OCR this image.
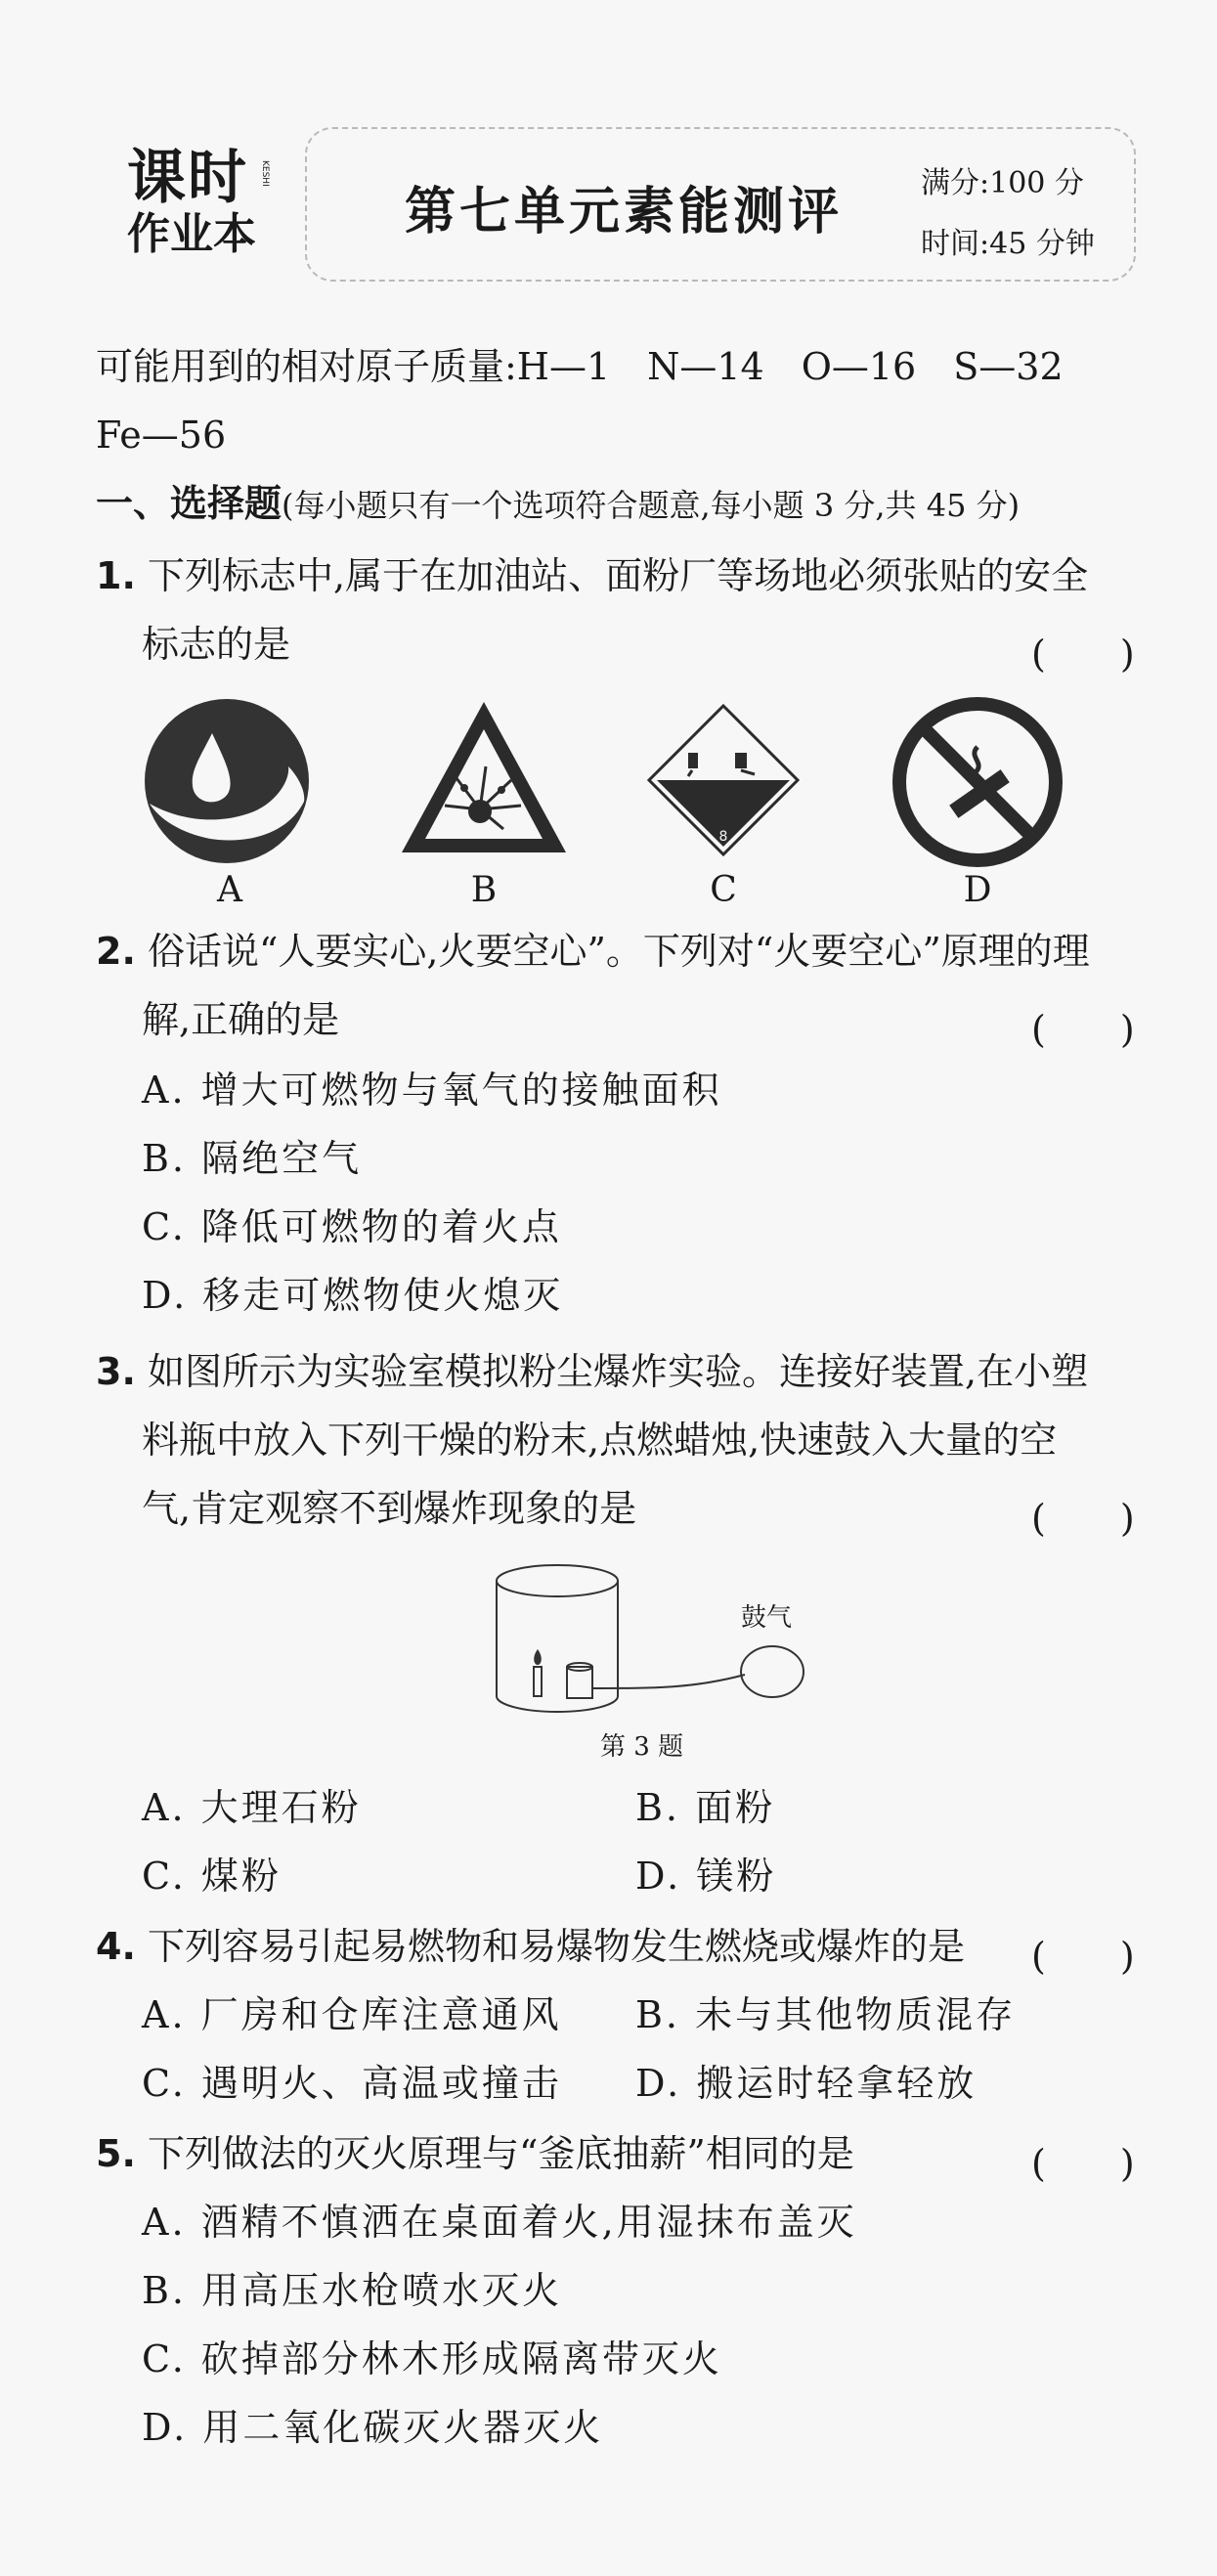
课时
作业本
KESHI
第七单元素能测评	满分:100 分
时间:45 分钟
可能用到的相对原子质量:H—1　N—14　O—16　S—32
Fe—56
一、选择题(每小题只有一个选项符合题意,每小题 3 分,共 45 分)
1. 下列标志中,属于在加油站、面粉厂等场地必须张贴的安全
标志的是	(　　)
8
A	B	C	D
2. 俗话说“人要实心,火要空心”。下列对“火要空心”原理的理
解,正确的是	(　　)
A. 增大可燃物与氧气的接触面积
B. 隔绝空气
C. 降低可燃物的着火点
D. 移走可燃物使火熄灭
3. 如图所示为实验室模拟粉尘爆炸实验。连接好装置,在小塑
料瓶中放入下列干燥的粉末,点燃蜡烛,快速鼓入大量的空
气,肯定观察不到爆炸现象的是	(　　)
鼓气
第 3 题
A. 大理石粉	B. 面粉
C. 煤粉	D. 镁粉
4. 下列容易引起易燃物和易爆物发生燃烧或爆炸的是 (　　)
A. 厂房和仓库注意通风 B. 未与其他物质混存
C. 遇明火、高温或撞击 D. 搬运时轻拿轻放
5. 下列做法的灭火原理与“釜底抽薪”相同的是	(　　)
A. 酒精不慎洒在桌面着火,用湿抹布盖灭
B. 用高压水枪喷水灭火
C. 砍掉部分林木形成隔离带灭火
D. 用二氧化碳灭火器灭火
